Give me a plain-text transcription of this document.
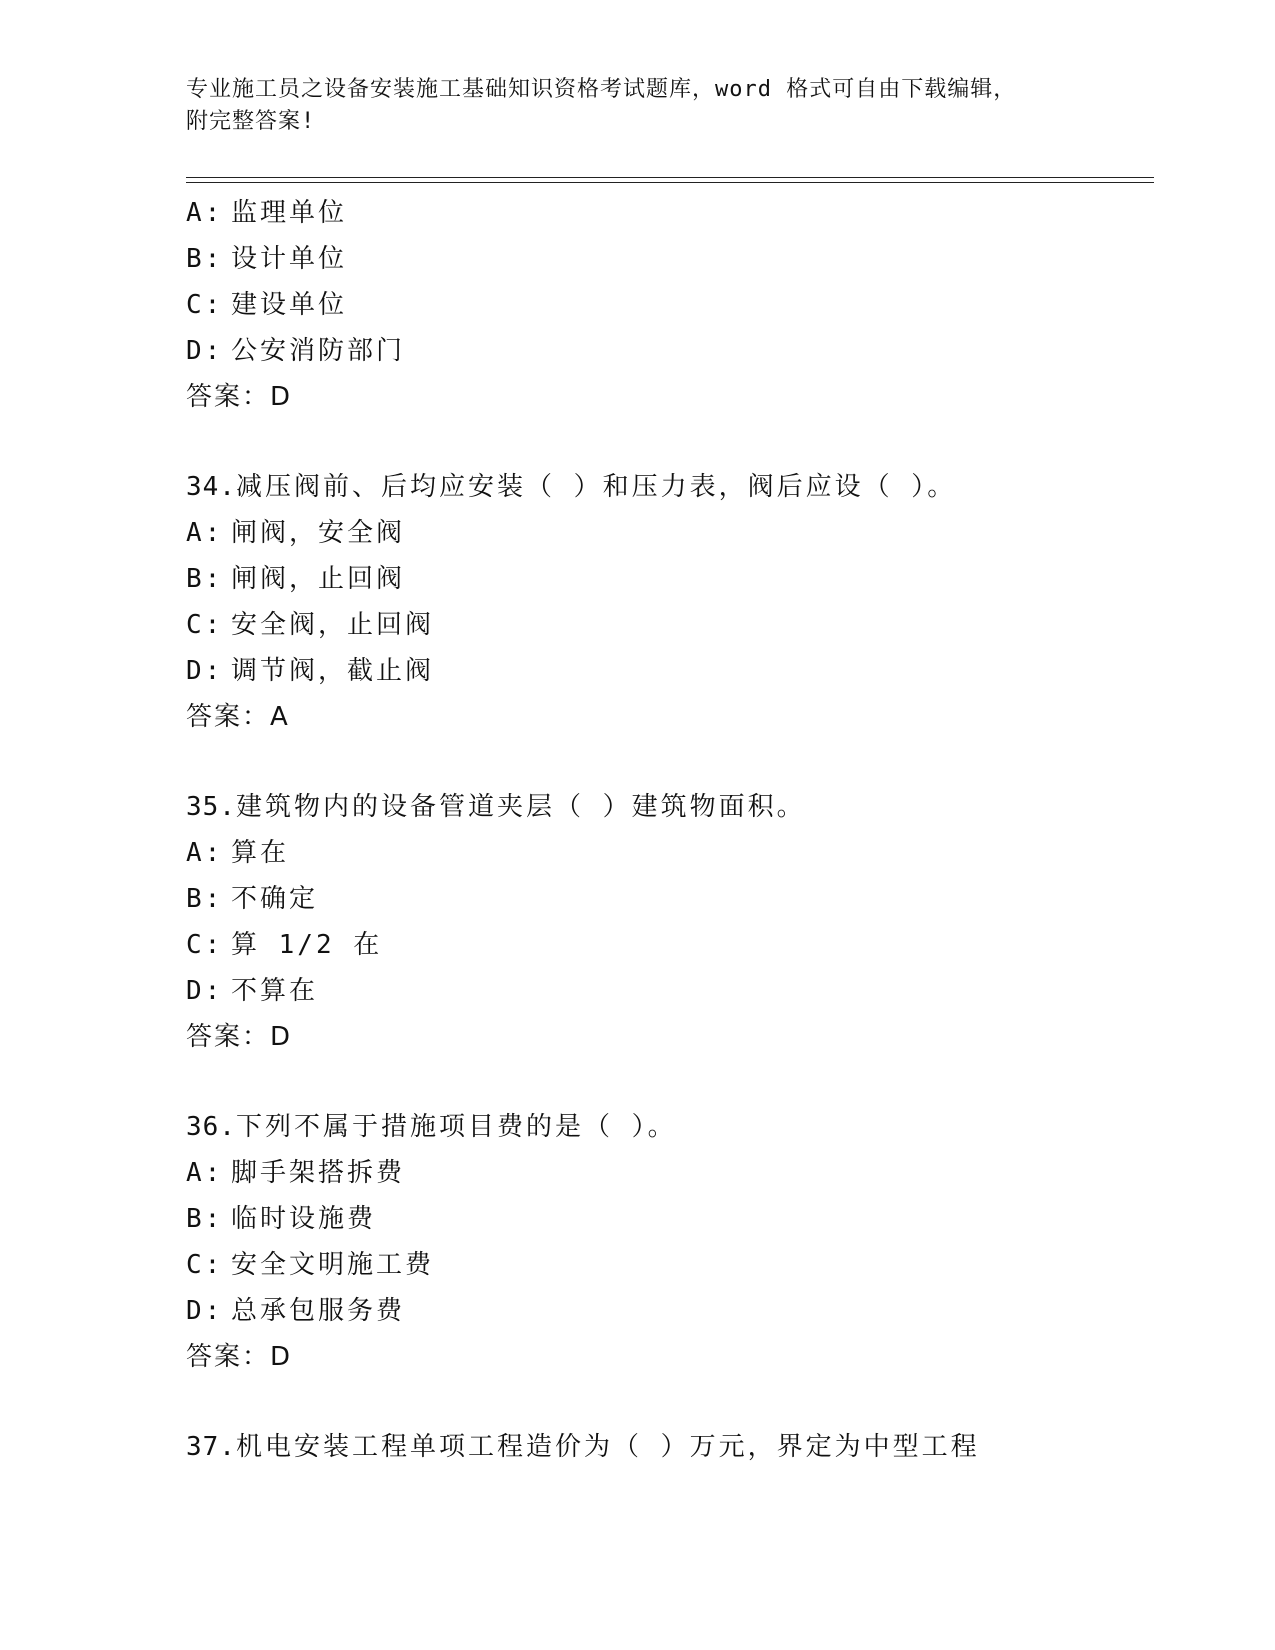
专业施工员之设备安装施工基础知识资格考试题库，word 格式可自由下载编辑，
附完整答案!
A: 监理单位
B: 设计单位
C: 建设单位
D: 公安消防部门
答案：D
34.减压阀前、后均应安装（ ）和压力表，阀后应设（ ）。
A: 闸阀，安全阀
B: 闸阀，止回阀
C: 安全阀，止回阀
D: 调节阀，截止阀
答案：A
35.建筑物内的设备管道夹层（ ）建筑物面积。
A: 算在
B: 不确定
C: 算 1/2 在
D: 不算在
答案：D
36.下列不属于措施项目费的是（ ）。
A: 脚手架搭拆费
B: 临时设施费
C: 安全文明施工费
D: 总承包服务费
答案：D
37.机电安装工程单项工程造价为（ ）万元，界定为中型工程
